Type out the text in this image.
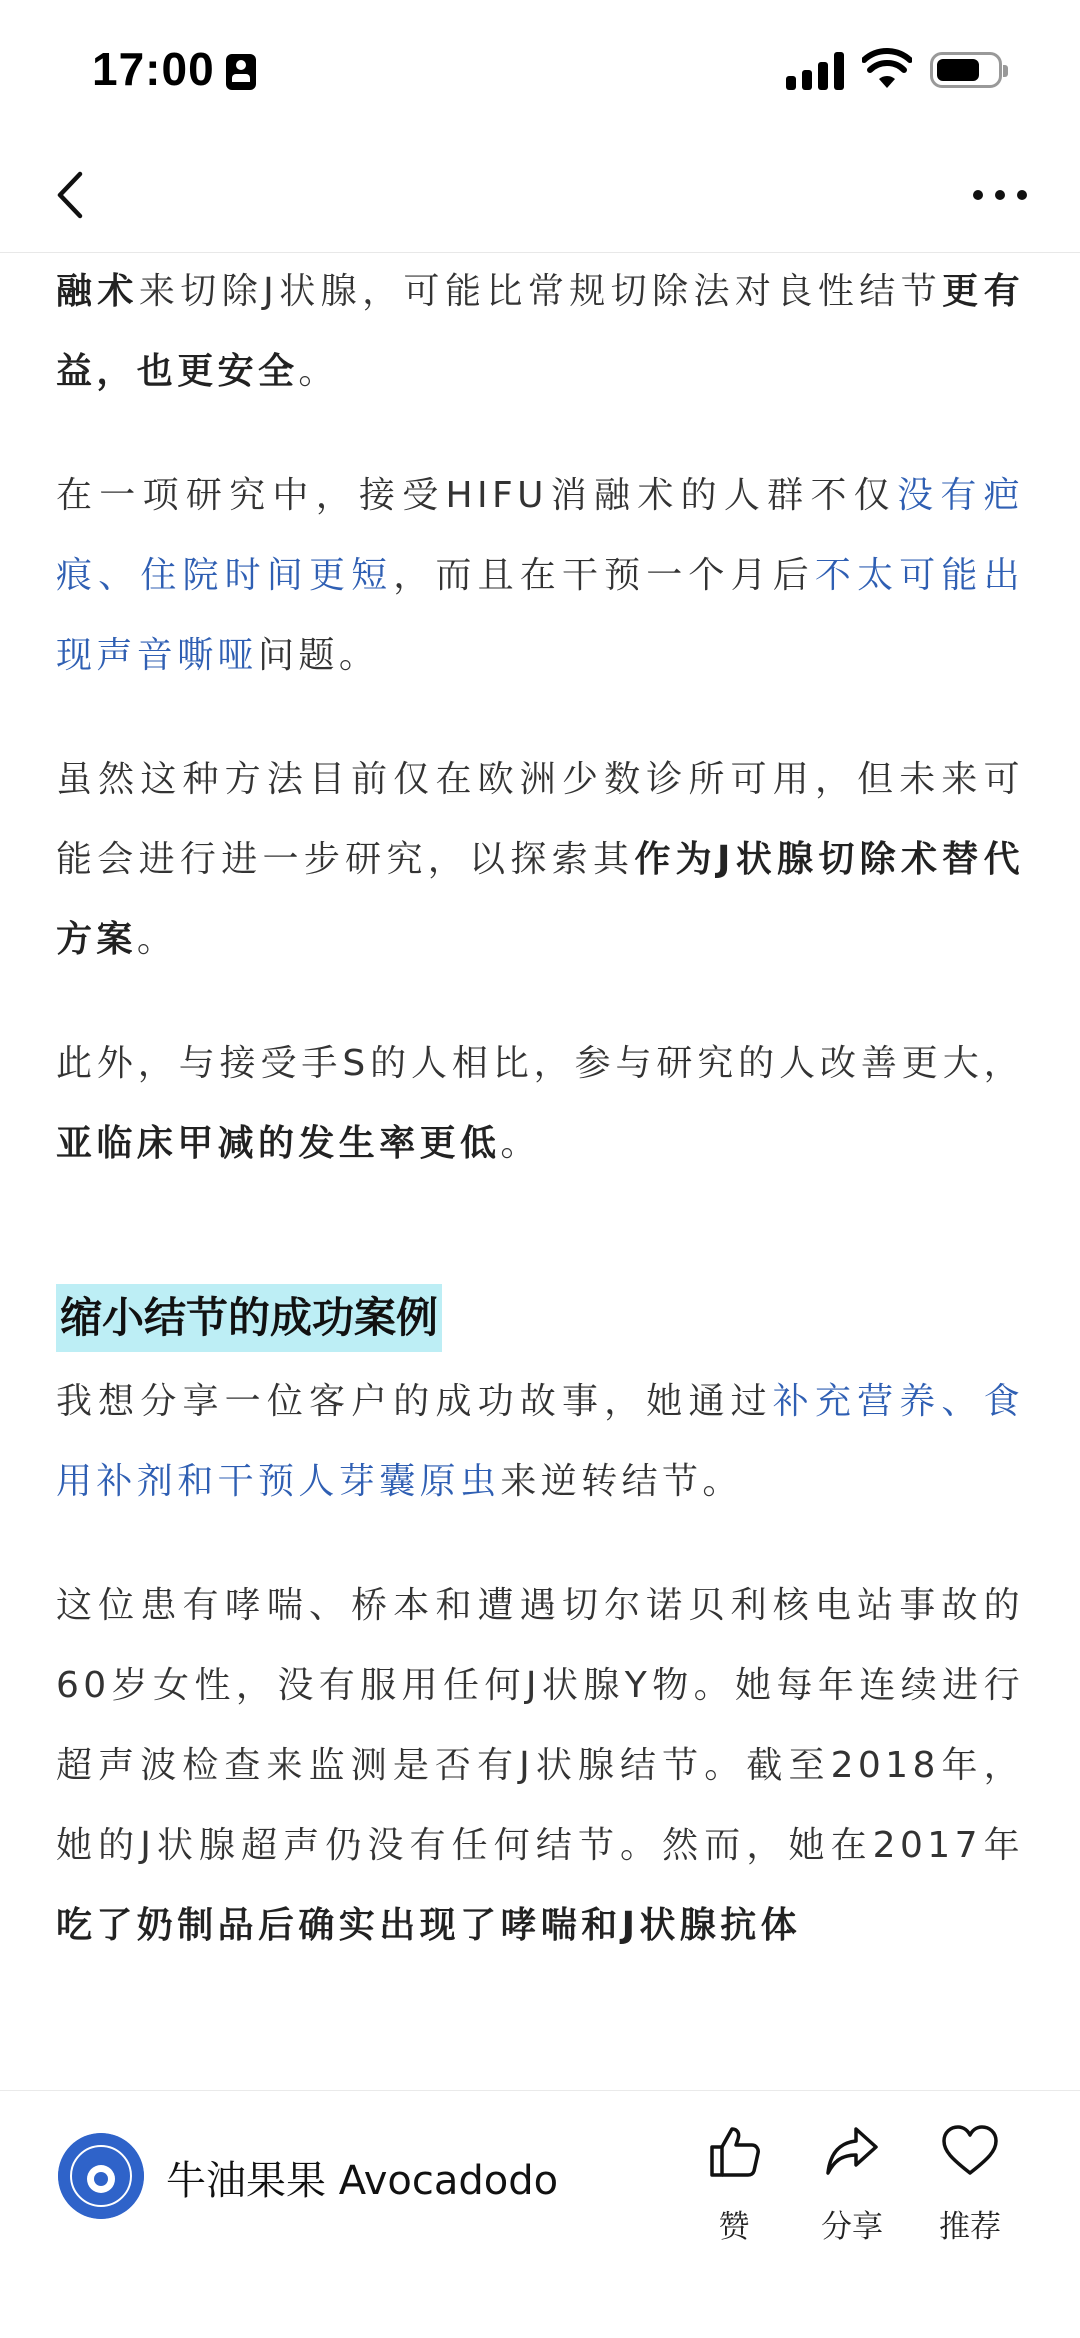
17:00

融术来切除J状腺，可能比常规切除法对良性结节更有益，也更安全。

在一项研究中，接受HIFU消融术的人群不仅没有疤痕、住院时间更短，而且在干预一个月后不太可能出现声音嘶哑问题。

虽然这种方法目前仅在欧洲少数诊所可用，但未来可能会进行进一步研究，以探索其作为J状腺切除术替代方案。

此外，与接受手S的人相比，参与研究的人改善更大，亚临床甲减的发生率更低。

缩小结节的成功案例

我想分享一位客户的成功故事，她通过补充营养、食用补剂和干预人芽囊原虫来逆转结节。

这位患有哮喘、桥本和遭遇切尔诺贝利核电站事故的60岁女性，没有服用任何J状腺Y物。她每年连续进行超声波检查来监测是否有J状腺结节。截至2018年，她的J状腺超声仍没有任何结节。然而，她在2017年吃了奶制品后确实出现了哮喘和J状腺抗体

牛油果果 Avocadodo
赞	分享	推荐
